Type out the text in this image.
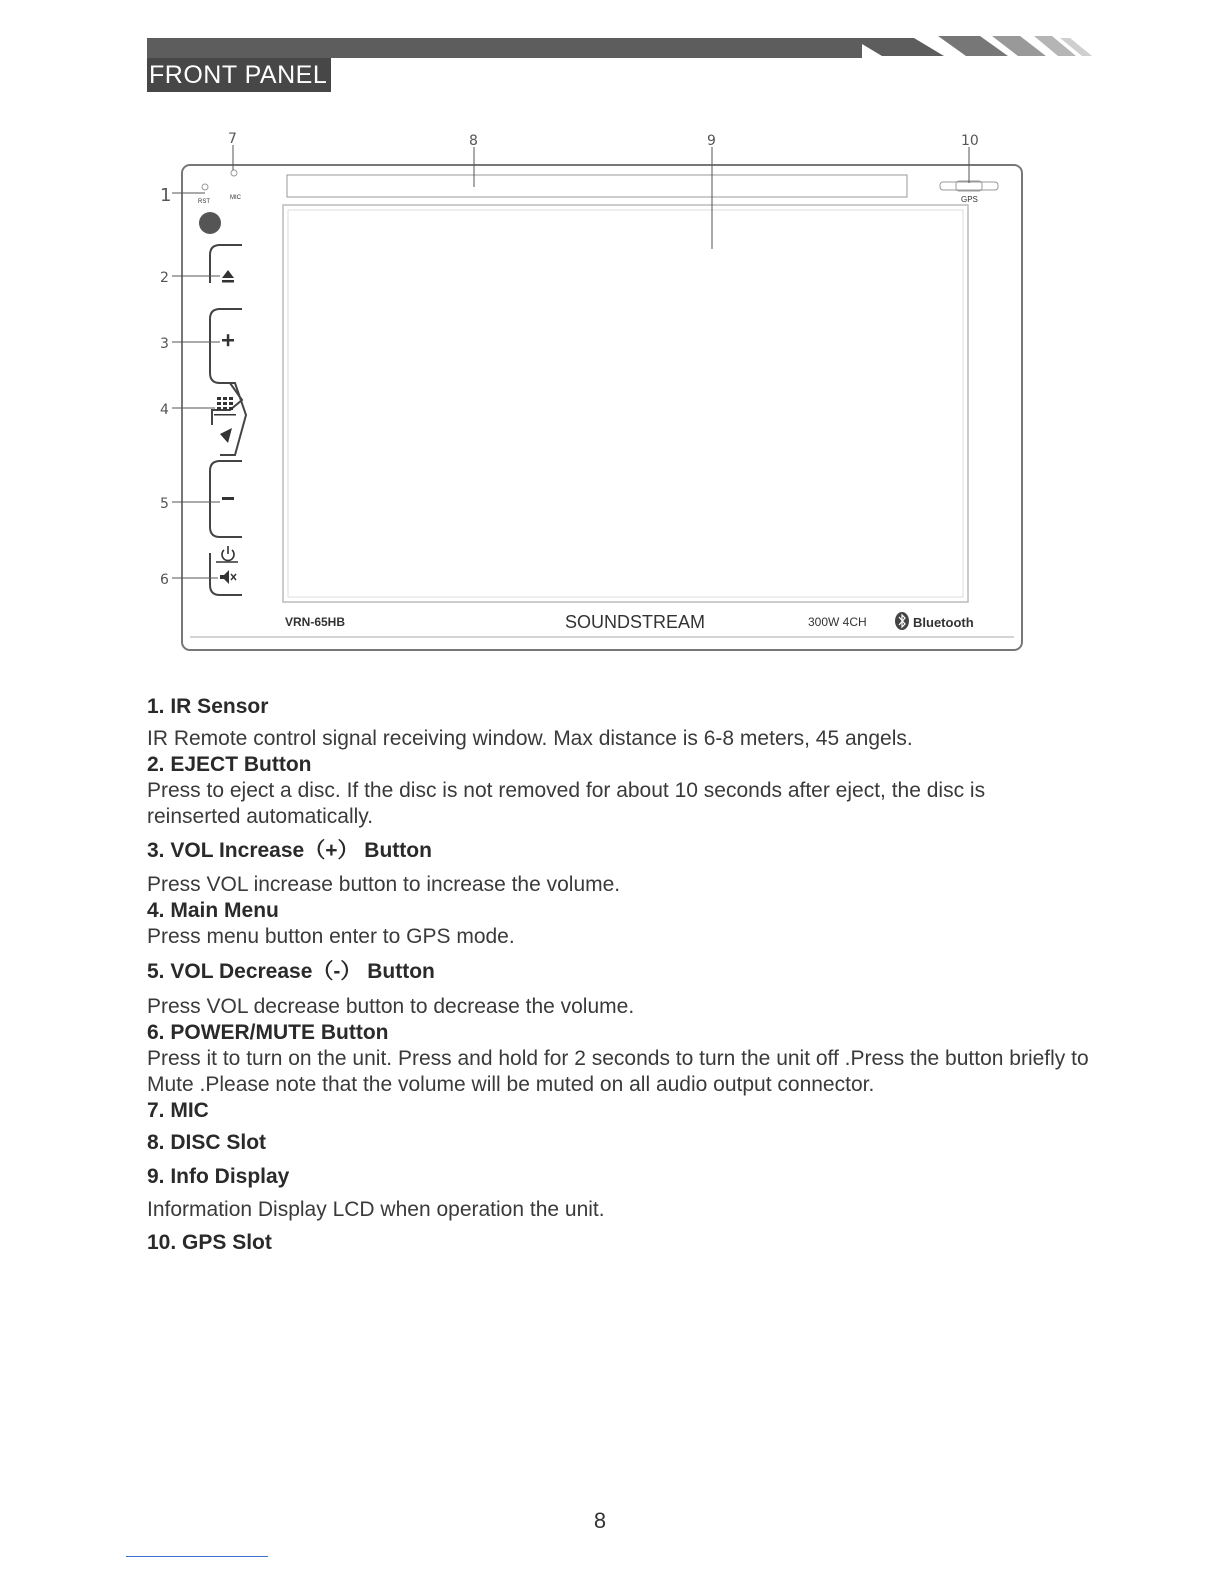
FRONT PANEL
GPS
RST
MIC
VRN-65HB	SOUNDSTREAM	300W 4CH	Bluetooth
1
2
3
4
5
6
7	8	9	10
1. IR Sensor
IR Remote control signal receiving window. Max distance is 6-8 meters, 45 angels.
2. EJECT Button
Press to eject a disc. If the disc is not removed for about 10 seconds after eject, the disc is reinserted automatically.
3. VOL Increase（+） Button
Press VOL increase button to increase the volume.
4. Main Menu
Press menu button enter to GPS mode.
5. VOL Decrease（-） Button
Press VOL decrease button to decrease the volume.
6. POWER/MUTE Button
Press it to turn on the unit. Press and hold for 2 seconds to turn the unit off .Press the button briefly to Mute .Please note that the volume will be muted on all audio output connector.
7. MIC
8. DISC Slot
9. Info Display
Information Display LCD when operation the unit.
10. GPS Slot
8
